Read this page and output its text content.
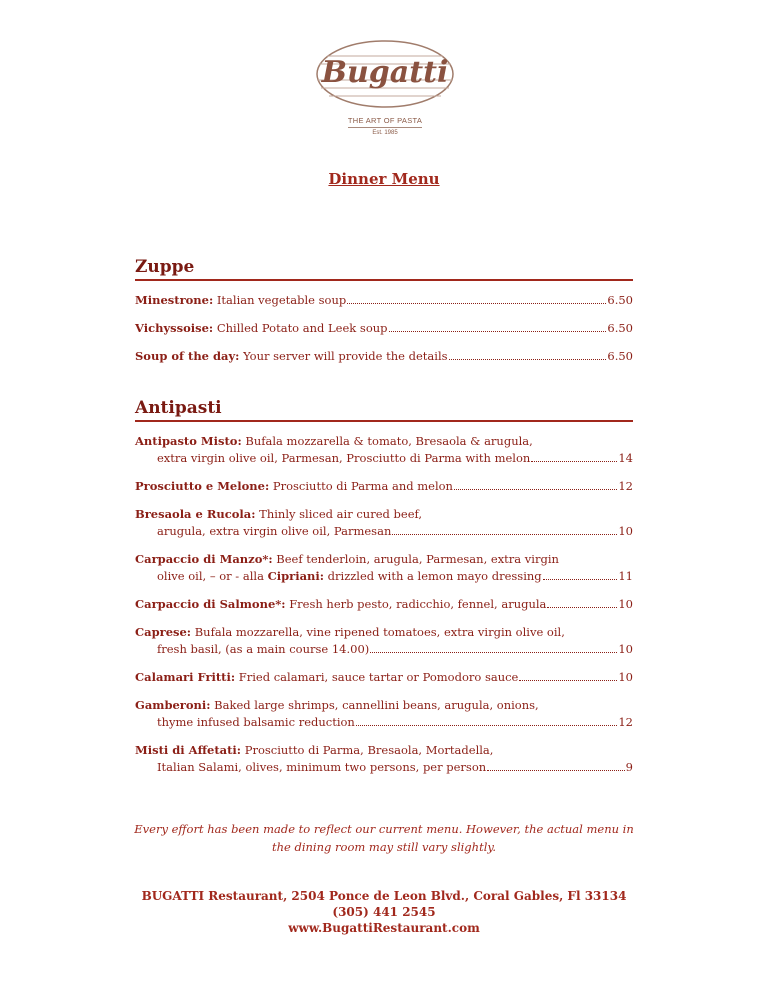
Bugatti
THE ART OF PASTA
Est. 1985
Dinner Menu
Zuppe
Minestrone: Italian vegetable soup	6.50
Vichyssoise: Chilled Potato and Leek soup	6.50
Soup of the day: Your server will provide the details	6.50
Antipasti
Antipasto Misto: Bufala mozzarella & tomato, Bresaola & arugula,
extra virgin olive oil, Parmesan, Prosciutto di Parma with melon	14
Prosciutto e Melone: Prosciutto di Parma and melon	12
Bresaola e Rucola: Thinly sliced air cured beef,
arugula, extra virgin olive oil, Parmesan	10
Carpaccio di Manzo*: Beef tenderloin, arugula, Parmesan, extra virgin
olive oil, – or - alla Cipriani: drizzled with a lemon mayo dressing	11
Carpaccio di Salmone*: Fresh herb pesto, radicchio, fennel, arugula	10
Caprese: Bufala mozzarella, vine ripened tomatoes, extra virgin olive oil,
fresh basil, (as a main course 14.00)	10
Calamari Fritti: Fried calamari, sauce tartar or Pomodoro sauce	10
Gamberoni: Baked large shrimps, cannellini beans, arugula, onions,
thyme infused balsamic reduction	12
Misti di Affetati: Prosciutto di Parma, Bresaola, Mortadella,
Italian Salami, olives, minimum two persons, per person	9
Every effort has been made to reflect our current menu. However, the actual menu in
the dining room may still vary slightly.
BUGATTI Restaurant, 2504 Ponce de Leon Blvd., Coral Gables, Fl 33134
(305) 441 2545
www.BugattiRestaurant.com
